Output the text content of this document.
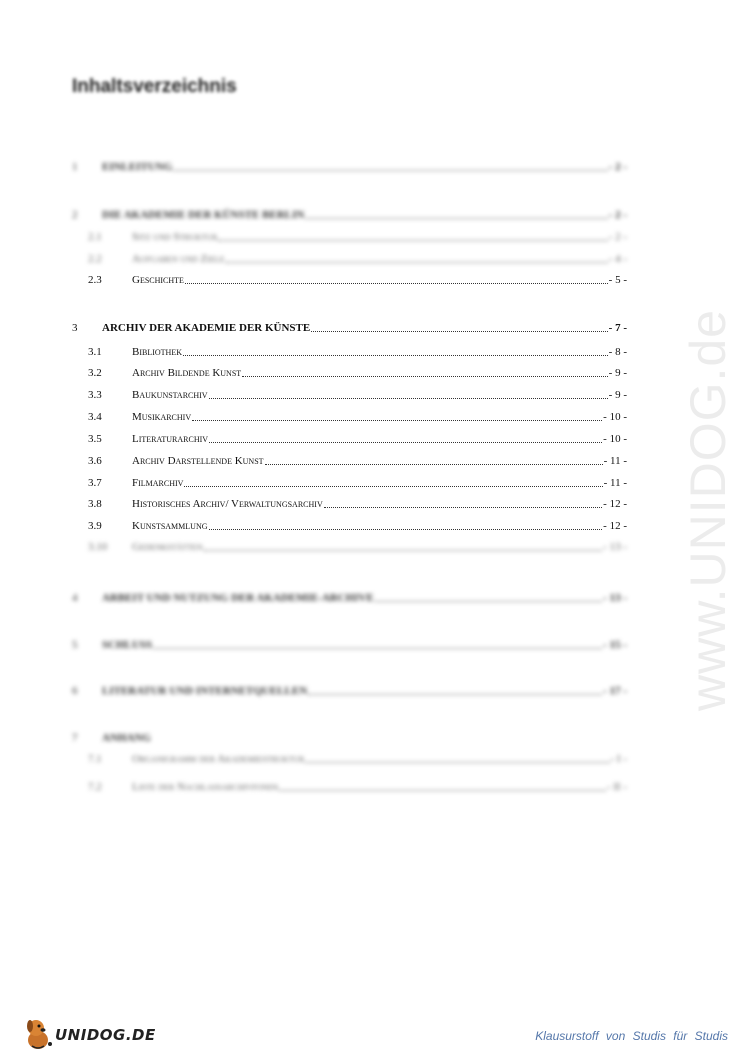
Inhaltsverzeichnis
1	EINLEITUNG	- 2 -
2	DIE AKADEMIE DER KÜNSTE BERLIN	- 2 -
2.1	Sitz und Struktur	- 2 -
2.2	Aufgaben und Ziele	- 4 -
2.3	Geschichte	- 5 -
3	ARCHIV DER AKADEMIE DER KÜNSTE	- 7 -
3.1	Bibliothek	- 8 -
3.2	Archiv Bildende Kunst	- 9 -
3.3	Baukunstarchiv	- 9 -
3.4	Musikarchiv	- 10 -
3.5	Literaturarchiv	- 10 -
3.6	Archiv Darstellende Kunst	- 11 -
3.7	Filmarchiv	- 11 -
3.8	Historisches Archiv/ Verwaltungsarchiv	- 12 -
3.9	Kunstsammlung	- 12 -
3.10	Gedenkstätten	- 13 -
4	ARBEIT UND NUTZUNG DER AKADEMIE-ARCHIVE	- 13 -
5	SCHLUSS	- 15 -
6	LITERATUR UND INTERNETQUELLEN	- 17 -
7	ANHANG
7.1	Organigramm der Akademiestruktur	- I -
7.2	Liste der Nachlassarchivfonds	- II -
www.UNIDOG.de
UNIDOG.DE	Klausurstoff von Studis für Studis
